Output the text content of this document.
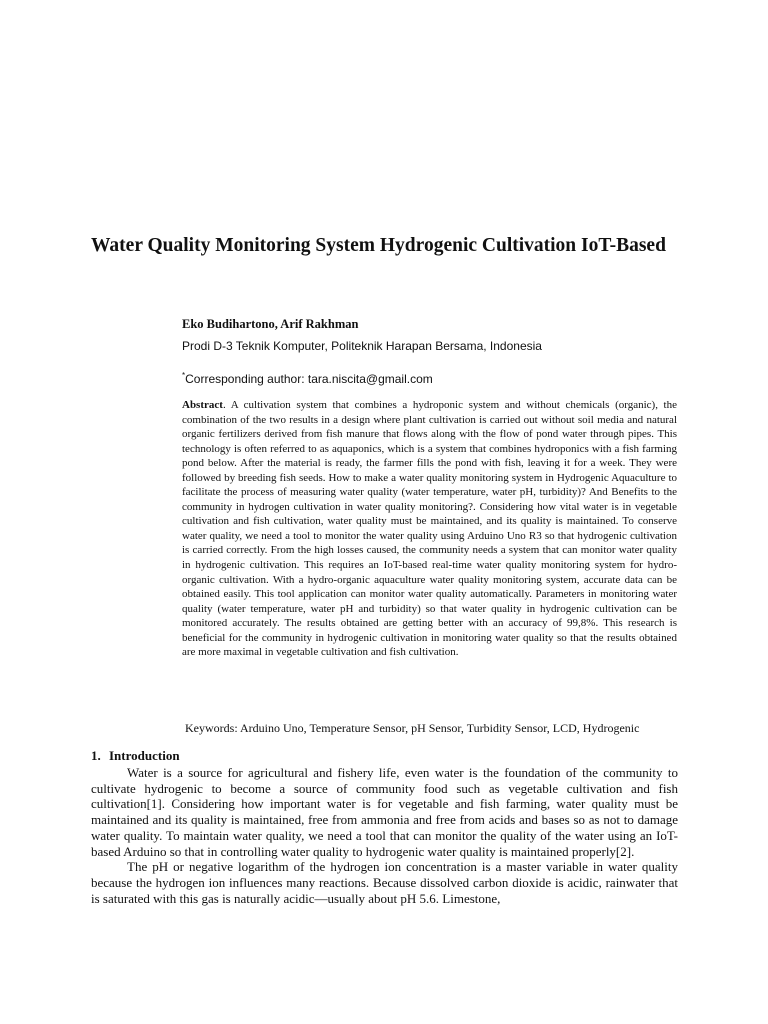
Water Quality Monitoring System Hydrogenic Cultivation IoT-Based
Eko Budihartono, Arif Rakhman
Prodi D-3 Teknik Komputer, Politeknik Harapan Bersama, Indonesia
*Corresponding author: tara.niscita@gmail.com

Abstract. A cultivation system that combines a hydroponic system and without chemicals (organic), the combination of the two results in a design where plant cultivation is carried out without soil media and natural organic fertilizers derived from fish manure that flows along with the flow of pond water through pipes. This technology is often referred to as aquaponics, which is a system that combines hydroponics with a fish farming pond below. After the material is ready, the farmer fills the pond with fish, leaving it for a week. They were followed by breeding fish seeds. How to make a water quality monitoring system in Hydrogenic Aquaculture to facilitate the process of measuring water quality (water temperature, water pH, turbidity)? And Benefits to the community in hydrogen cultivation in water quality monitoring?. Considering how vital water is in vegetable cultivation and fish cultivation, water quality must be maintained, and its quality is maintained. To conserve water quality, we need a tool to monitor the water quality using Arduino Uno R3 so that hydrogenic cultivation is carried correctly. From the high losses caused, the community needs a system that can monitor water quality in hydrogenic cultivation. This requires an IoT-based real-time water quality monitoring system for hydro-organic cultivation. With a hydro-organic aquaculture water quality monitoring system, accurate data can be obtained easily. This tool application can monitor water quality automatically. Parameters in monitoring water quality (water temperature, water pH and turbidity) so that water quality in hydrogenic cultivation can be monitored accurately. The results obtained are getting better with an accuracy of 99,8%. This research is beneficial for the community in hydrogenic cultivation in monitoring water quality so that the results obtained are more maximal in vegetable cultivation and fish cultivation.

Keywords: Arduino Uno, Temperature Sensor, pH Sensor, Turbidity Sensor, LCD, Hydrogenic
1. Introduction

Water is a source for agricultural and fishery life, even water is the foundation of the community to cultivate hydrogenic to become a source of community food such as vegetable cultivation and fish cultivation[1]. Considering how important water is for vegetable and fish farming, water quality must be maintained and its quality is maintained, free from ammonia and free from acids and bases so as not to damage water quality. To maintain water quality, we need a tool that can monitor the quality of the water using an IoT-based Arduino so that in controlling water quality to hydrogenic water quality is maintained properly[2].

The pH or negative logarithm of the hydrogen ion concentration is a master variable in water quality because the hydrogen ion influences many reactions. Because dissolved carbon dioxide is acidic, rainwater that is saturated with this gas is naturally acidic—usually about pH 5.6. Limestone,
